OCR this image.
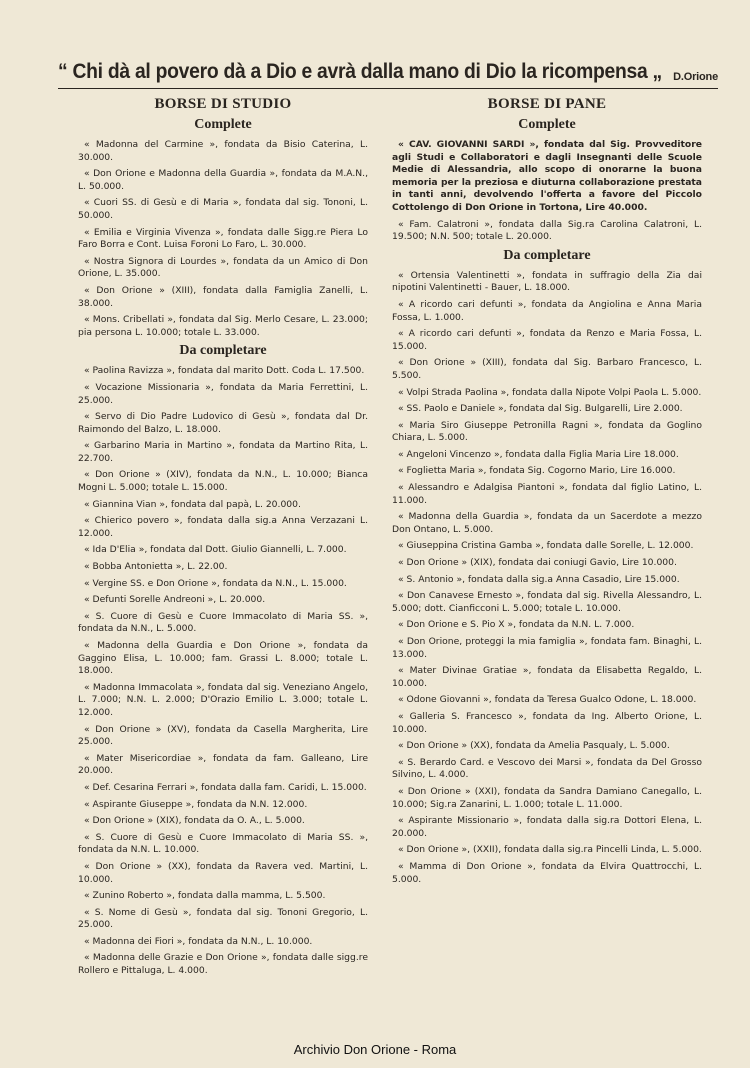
“ Chi dà al povero dà a Dio e avrà dalla mano di Dio la ricompensa „ D.Orione
BORSE DI STUDIO
Complete

« Madonna del Carmine », fondata da Bisio Caterina, L. 30.000.

« Don Orione e Madonna della Guardia », fondata da M.A.N., L. 50.000.

« Cuori SS. di Gesù e di Maria », fondata dal sig. Tononi, L. 50.000.

« Emilia e Virginia Vivenza », fondata dalle Sigg.re Piera Lo Faro Borra e Cont. Luisa Foroni Lo Faro, L. 30.000.

« Nostra Signora di Lourdes », fondata da un Amico di Don Orione, L. 35.000.

« Don Orione » (XIII), fondata dalla Famiglia Zanelli, L. 38.000.

« Mons. Cribellati », fondata dal Sig. Merlo Cesare, L. 23.000; pia persona L. 10.000; totale L. 33.000.

Da completare

« Paolina Ravizza », fondata dal marito Dott. Coda L. 17.500.

« Vocazione Missionaria », fondata da Maria Ferrettini, L. 25.000.

« Servo di Dio Padre Ludovico di Gesù », fondata dal Dr. Raimondo del Balzo, L. 18.000.

« Garbarino Maria in Martino », fondata da Martino Rita, L. 22.700.

« Don Orione » (XIV), fondata da N.N., L. 10.000; Bianca Mogni L. 5.000; totale L. 15.000.

« Giannina Vian », fondata dal papà, L. 20.000.

« Chierico povero », fondata dalla sig.a Anna Verzazani L. 12.000.

« Ida D'Elia », fondata dal Dott. Giulio Giannelli, L. 7.000.

« Bobba Antonietta », L. 22.00.

« Vergine SS. e Don Orione », fondata da N.N., L. 15.000.

« Defunti Sorelle Andreoni », L. 20.000.

« S. Cuore di Gesù e Cuore Immacolato di Maria SS. », fondata da N.N., L. 5.000.

« Madonna della Guardia e Don Orione », fondata da Gaggino Elisa, L. 10.000; fam. Grassi L. 8.000; totale L. 18.000.

« Madonna Immacolata », fondata dal sig. Veneziano Angelo, L. 7.000; N.N. L. 2.000; D'Orazio Emilio L. 3.000; totale L. 12.000.

« Don Orione » (XV), fondata da Casella Margherita, Lire 25.000.

« Mater Misericordiae », fondata da fam. Galleano, Lire 20.000.

« Def. Cesarina Ferrari », fondata dalla fam. Caridi, L. 15.000.

« Aspirante Giuseppe », fondata da N.N. 12.000.

« Don Orione » (XIX), fondata da O. A., L. 5.000.

« S. Cuore di Gesù e Cuore Immacolato di Maria SS. », fondata da N.N. L. 10.000.

« Don Orione » (XX), fondata da Ravera ved. Martini, L. 10.000.

« Zunino Roberto », fondata dalla mamma, L. 5.500.

« S. Nome di Gesù », fondata dal sig. Tononi Gregorio, L. 25.000.

« Madonna dei Fiori », fondata da N.N., L. 10.000.

« Madonna delle Grazie e Don Orione », fondata dalle sigg.re Rollero e Pittaluga, L. 4.000.

BORSE DI PANE
Complete

« CAV. GIOVANNI SARDI », fondata dal Sig. Provveditore agli Studi e Collaboratori e dagli Insegnanti delle Scuole Medie di Alessandria, allo scopo di onorarne la buona memoria per la preziosa e diuturna collaborazione prestata in tanti anni, devolvendo l'offerta a favore del Piccolo Cottolengo di Don Orione in Tortona, Lire 40.000.

« Fam. Calatroni », fondata dalla Sig.ra Carolina Calatroni, L. 19.500; N.N. 500; totale L. 20.000.

Da completare

« Ortensia Valentinetti », fondata in suffragio della Zia dai nipotini Valentinetti - Bauer, L. 18.000.

« A ricordo cari defunti », fondata da Angiolina e Anna Maria Fossa, L. 1.000.

« A ricordo cari defunti », fondata da Renzo e Maria Fossa, L. 15.000.

« Don Orione » (XIII), fondata dal Sig. Barbaro Francesco, L. 5.500.

« Volpi Strada Paolina », fondata dalla Nipote Volpi Paola L. 5.000.

« SS. Paolo e Daniele », fondata dal Sig. Bulgarelli, Lire 2.000.

« Maria Siro Giuseppe Petronilla Ragni », fondata da Goglino Chiara, L. 5.000.

« Angeloni Vincenzo », fondata dalla Figlia Maria Lire 18.000.

« Foglietta Maria », fondata Sig. Cogorno Mario, Lire 16.000.

« Alessandro e Adalgisa Piantoni », fondata dal figlio Latino, L. 11.000.

« Madonna della Guardia », fondata da un Sacerdote a mezzo Don Ontano, L. 5.000.

« Giuseppina Cristina Gamba », fondata dalle Sorelle, L. 12.000.

« Don Orione » (XIX), fondata dai coniugi Gavio, Lire 10.000.

« S. Antonio », fondata dalla sig.a Anna Casadio, Lire 15.000.

« Don Canavese Ernesto », fondata dal sig. Rivella Alessandro, L. 5.000; dott. Cianficconi L. 5.000; totale L. 10.000.

« Don Orione e S. Pio X », fondata da N.N. L. 7.000.

« Don Orione, proteggi la mia famiglia », fondata fam. Binaghi, L. 13.000.

« Mater Divinae Gratiae », fondata da Elisabetta Regaldo, L. 10.000.

« Odone Giovanni », fondata da Teresa Gualco Odone, L. 18.000.

« Galleria S. Francesco », fondata da Ing. Alberto Orione, L. 10.000.

« Don Orione » (XX), fondata da Amelia Pasqualy, L. 5.000.

« S. Berardo Card. e Vescovo dei Marsi », fondata da Del Grosso Silvino, L. 4.000.

« Don Orione » (XXI), fondata da Sandra Damiano Canegallo, L. 10.000; Sig.ra Zanarini, L. 1.000; totale L. 11.000.

« Aspirante Missionario », fondata dalla sig.ra Dottori Elena, L. 20.000.

« Don Orione », (XXII), fondata dalla sig.ra Pincelli Linda, L. 5.000.

« Mamma di Don Orione », fondata da Elvira Quattrocchi, L. 5.000.

Archivio Don Orione - Roma
